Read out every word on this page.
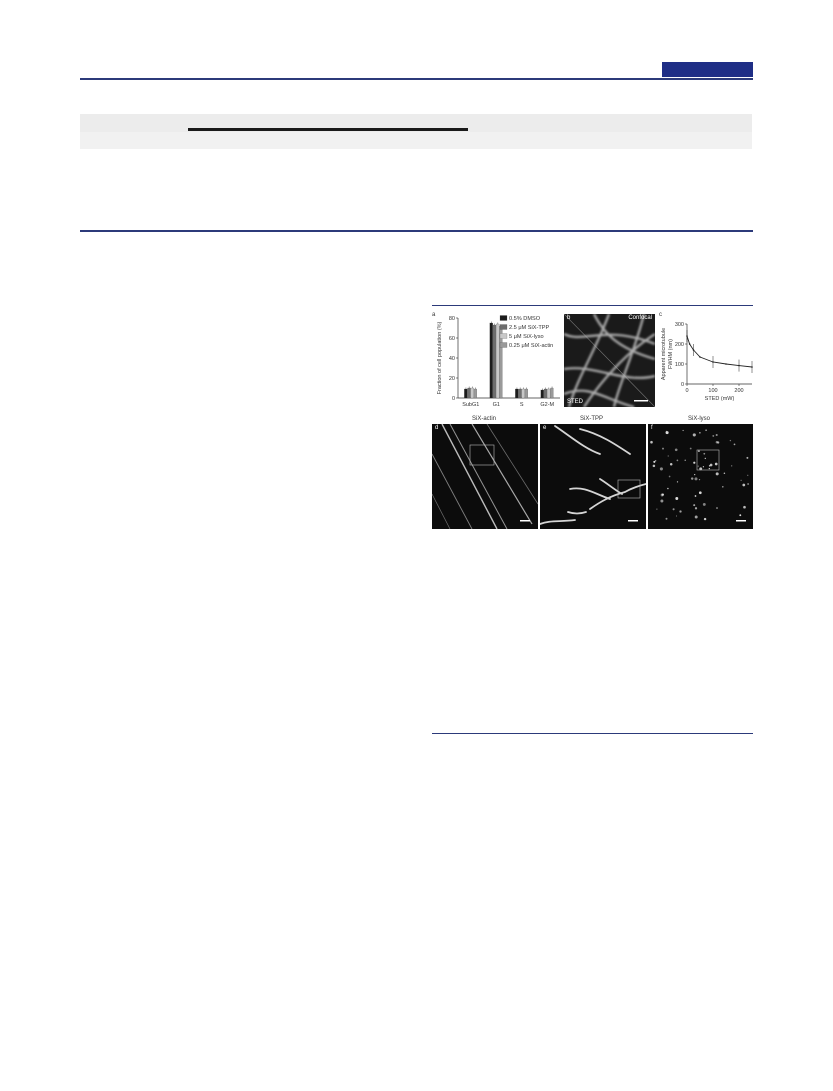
a
0
20
40
60
80
Fraction of cell population (%)
SubG1 G1	S	G2-M
0.5% DMSO
2.5 μM SiX-TPP
5 μM SiX-lyso
0.25 μM SiX-actin
b	Confocal
STED
c
0
100
200
300
0	100	200
STED (mW)
Apparent microtubule FWHM (nm)
SiX-actin	SiX-TPP	SiX-lyso
d	e	f
